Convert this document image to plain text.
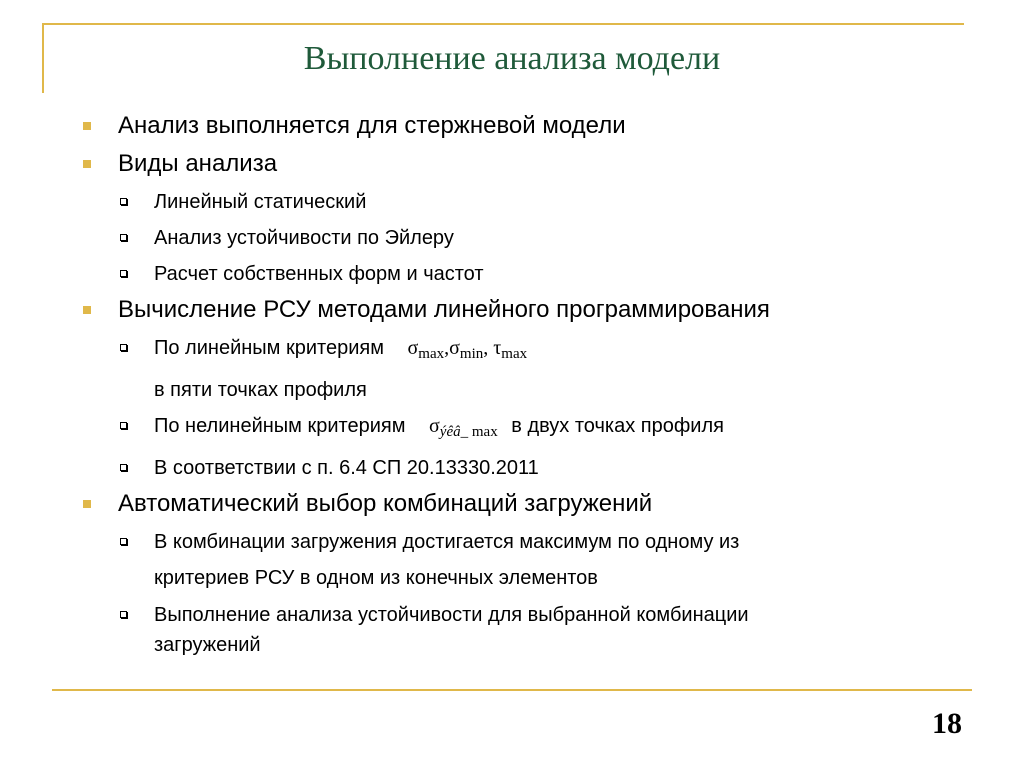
Выполнение анализа модели
Анализ выполняется для стержневой модели
Виды анализа
Линейный статический
Анализ устойчивости по Эйлеру
Расчет собственных форм и частот
Вычисление РСУ методами линейного программирования
По линейным критериям $\sigma_{max},\sigma_{min}$, $\tau_{max}$
в пяти точках профиля
По нелинейным критериям $\sigma_{ýêâ\_ max}$ в двух точках профиля
В соответствии с п. 6.4 СП 20.13330.2011
Автоматический выбор комбинаций загружений
В комбинации загружения достигается максимум по одному из
критериев РСУ в одном из конечных элементов
Выполнение анализа устойчивости для выбранной комбинации
загружений
18
